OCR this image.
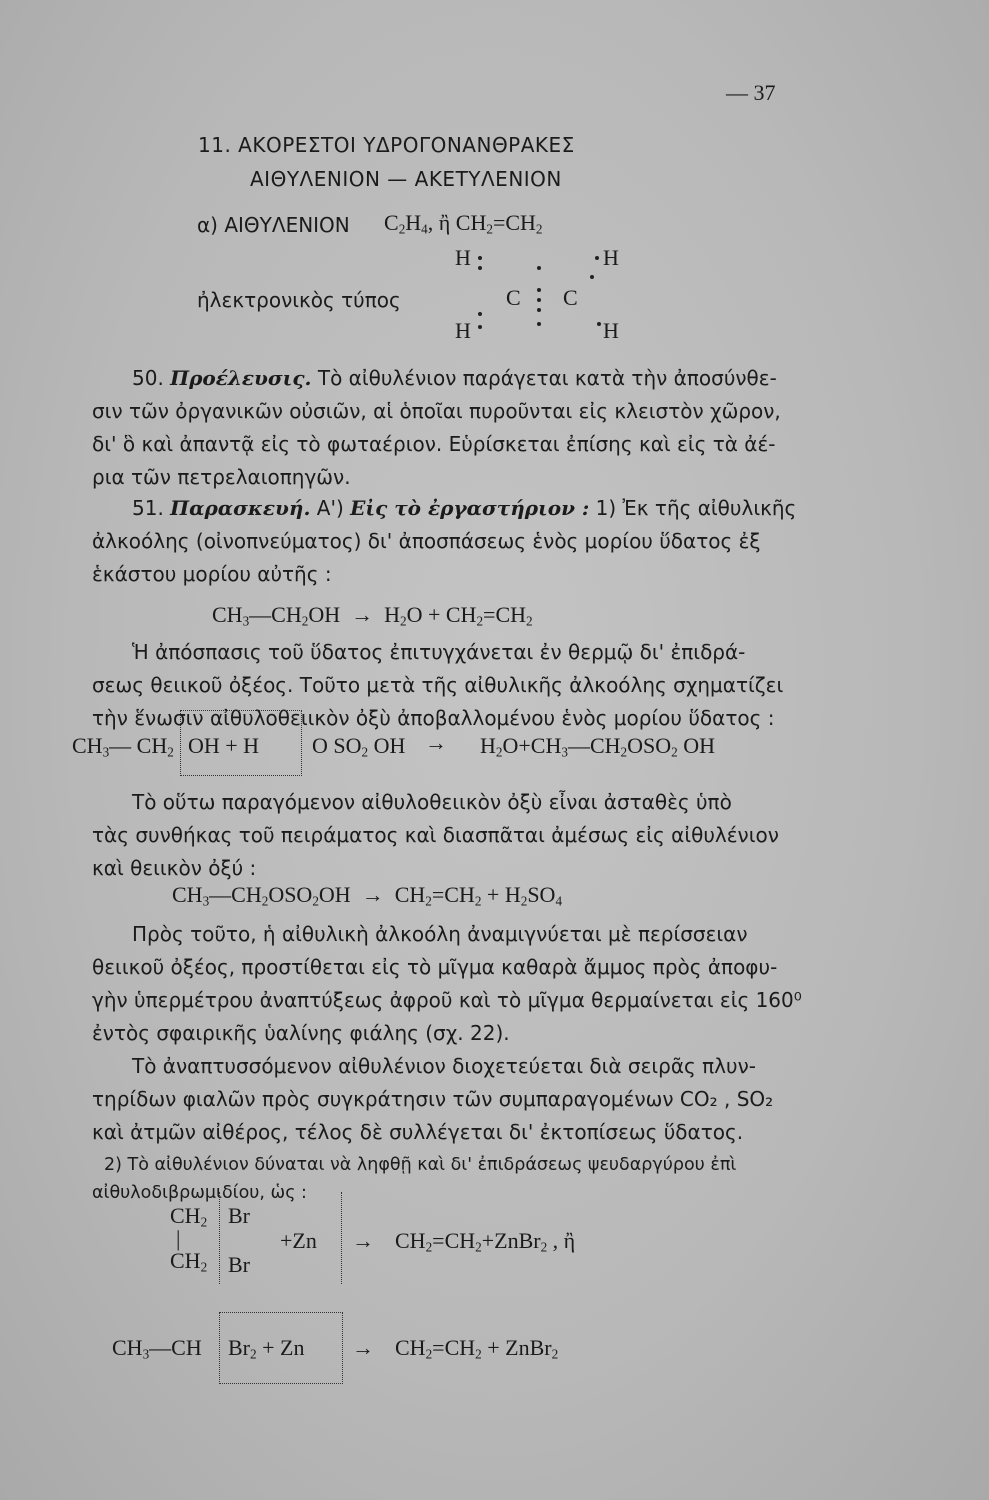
— 37
11. ΑΚΟΡΕΣΤΟΙ ΥΔΡΟΓΟΝΑΝΘΡΑΚΕΣ
ΑΙΘΥΛΕΝΙΟΝ — ΑΚΕΤΥΛΕΝΙΟΝ
α) ΑΙΘΥΛΕΝΙΟΝ $C_2H_4$, ἢ $CH_2=CH_2$
ἠλεκτρονικὸς τύπος
H	H
C C
H	H
50. Προέλευσις. Τὸ αἰθυλένιον παράγεται κατὰ τὴν ἀποσύνθε-
σιν τῶν ὀργανικῶν οὐσιῶν, αἱ ὁποῖαι πυροῦνται εἰς κλειστὸν χῶρον,
δι' ὃ καὶ ἀπαντᾷ εἰς τὸ φωταέριον. Εὑρίσκεται ἐπίσης καὶ εἰς τὰ ἀέ-
ρια τῶν πετρελαιοπηγῶν.
51. Παρασκευή. Α') Εἰς τὸ ἐργαστήριον : 1) Ἐκ τῆς αἰθυλικῆς
ἀλκοόλης (οἰνοπνεύματος) δι' ἀποσπάσεως ἑνὸς μορίου ὕδατος ἐξ
ἑκάστου μορίου αὐτῆς :
$CH_3—CH_2OH \to H_2O + CH_2=CH_2$
Ἡ ἀπόσπασις τοῦ ὕδατος ἐπιτυγχάνεται ἐν θερμῷ δι' ἐπιδρά-
σεως θειικοῦ ὀξέος. Τοῦτο μετὰ τῆς αἰθυλικῆς ἀλκοόλης σχηματίζει
τὴν ἕνωσιν αἰθυλοθειικὸν ὀξὺ ἀποβαλλομένου ἑνὸς μορίου ὕδατος :
$CH_3—$ $CH_2$ OH + H O $SO_2$ OH → $H_2O+CH_3—CH_2OSO_2$ OH
Τὸ οὕτω παραγόμενον αἰθυλοθειικὸν ὀξὺ εἶναι ἀσταθὲς ὑπὸ
τὰς συνθήκας τοῦ πειράματος καὶ διασπᾶται ἀμέσως εἰς αἰθυλένιον
καὶ θειικὸν ὀξύ :
$CH_3—CH_2OSO_2OH \to CH_2=CH_2 + H_2SO_4$
Πρὸς τοῦτο, ἡ αἰθυλικὴ ἀλκοόλη ἀναμιγνύεται μὲ περίσσειαν
θειικοῦ ὀξέος, προστίθεται εἰς τὸ μῖγμα καθαρὰ ἄμμος πρὸς ἀποφυ-
γὴν ὑπερμέτρου ἀναπτύξεως ἀφροῦ καὶ τὸ μῖγμα θερμαίνεται εἰς 160⁰
ἐντὸς σφαιρικῆς ὑαλίνης φιάλης (σχ. 22).
Τὸ ἀναπτυσσόμενον αἰθυλένιον διοχετεύεται διὰ σειρᾶς πλυν-
τηρίδων φιαλῶν πρὸς συγκράτησιν τῶν συμπαραγομένων CO₂ , SO₂
καὶ ἀτμῶν αἰθέρος, τέλος δὲ συλλέγεται δι' ἐκτοπίσεως ὕδατος.
2) Τὸ αἰθυλένιον δύναται νὰ ληφθῇ καὶ δι' ἐπιδράσεως ψευδαργύρου ἐπὶ
αἰθυλοδιβρωμιδίου, ὡς :
$CH_2$ Br
|
$CH_2$ Br
$+Zn \to CH_2=CH_2+ZnBr_2$ , ἢ
$CH_3—CH$ $Br_2 + Zn \to CH_2=CH_2$ + ZnBr$_2$
